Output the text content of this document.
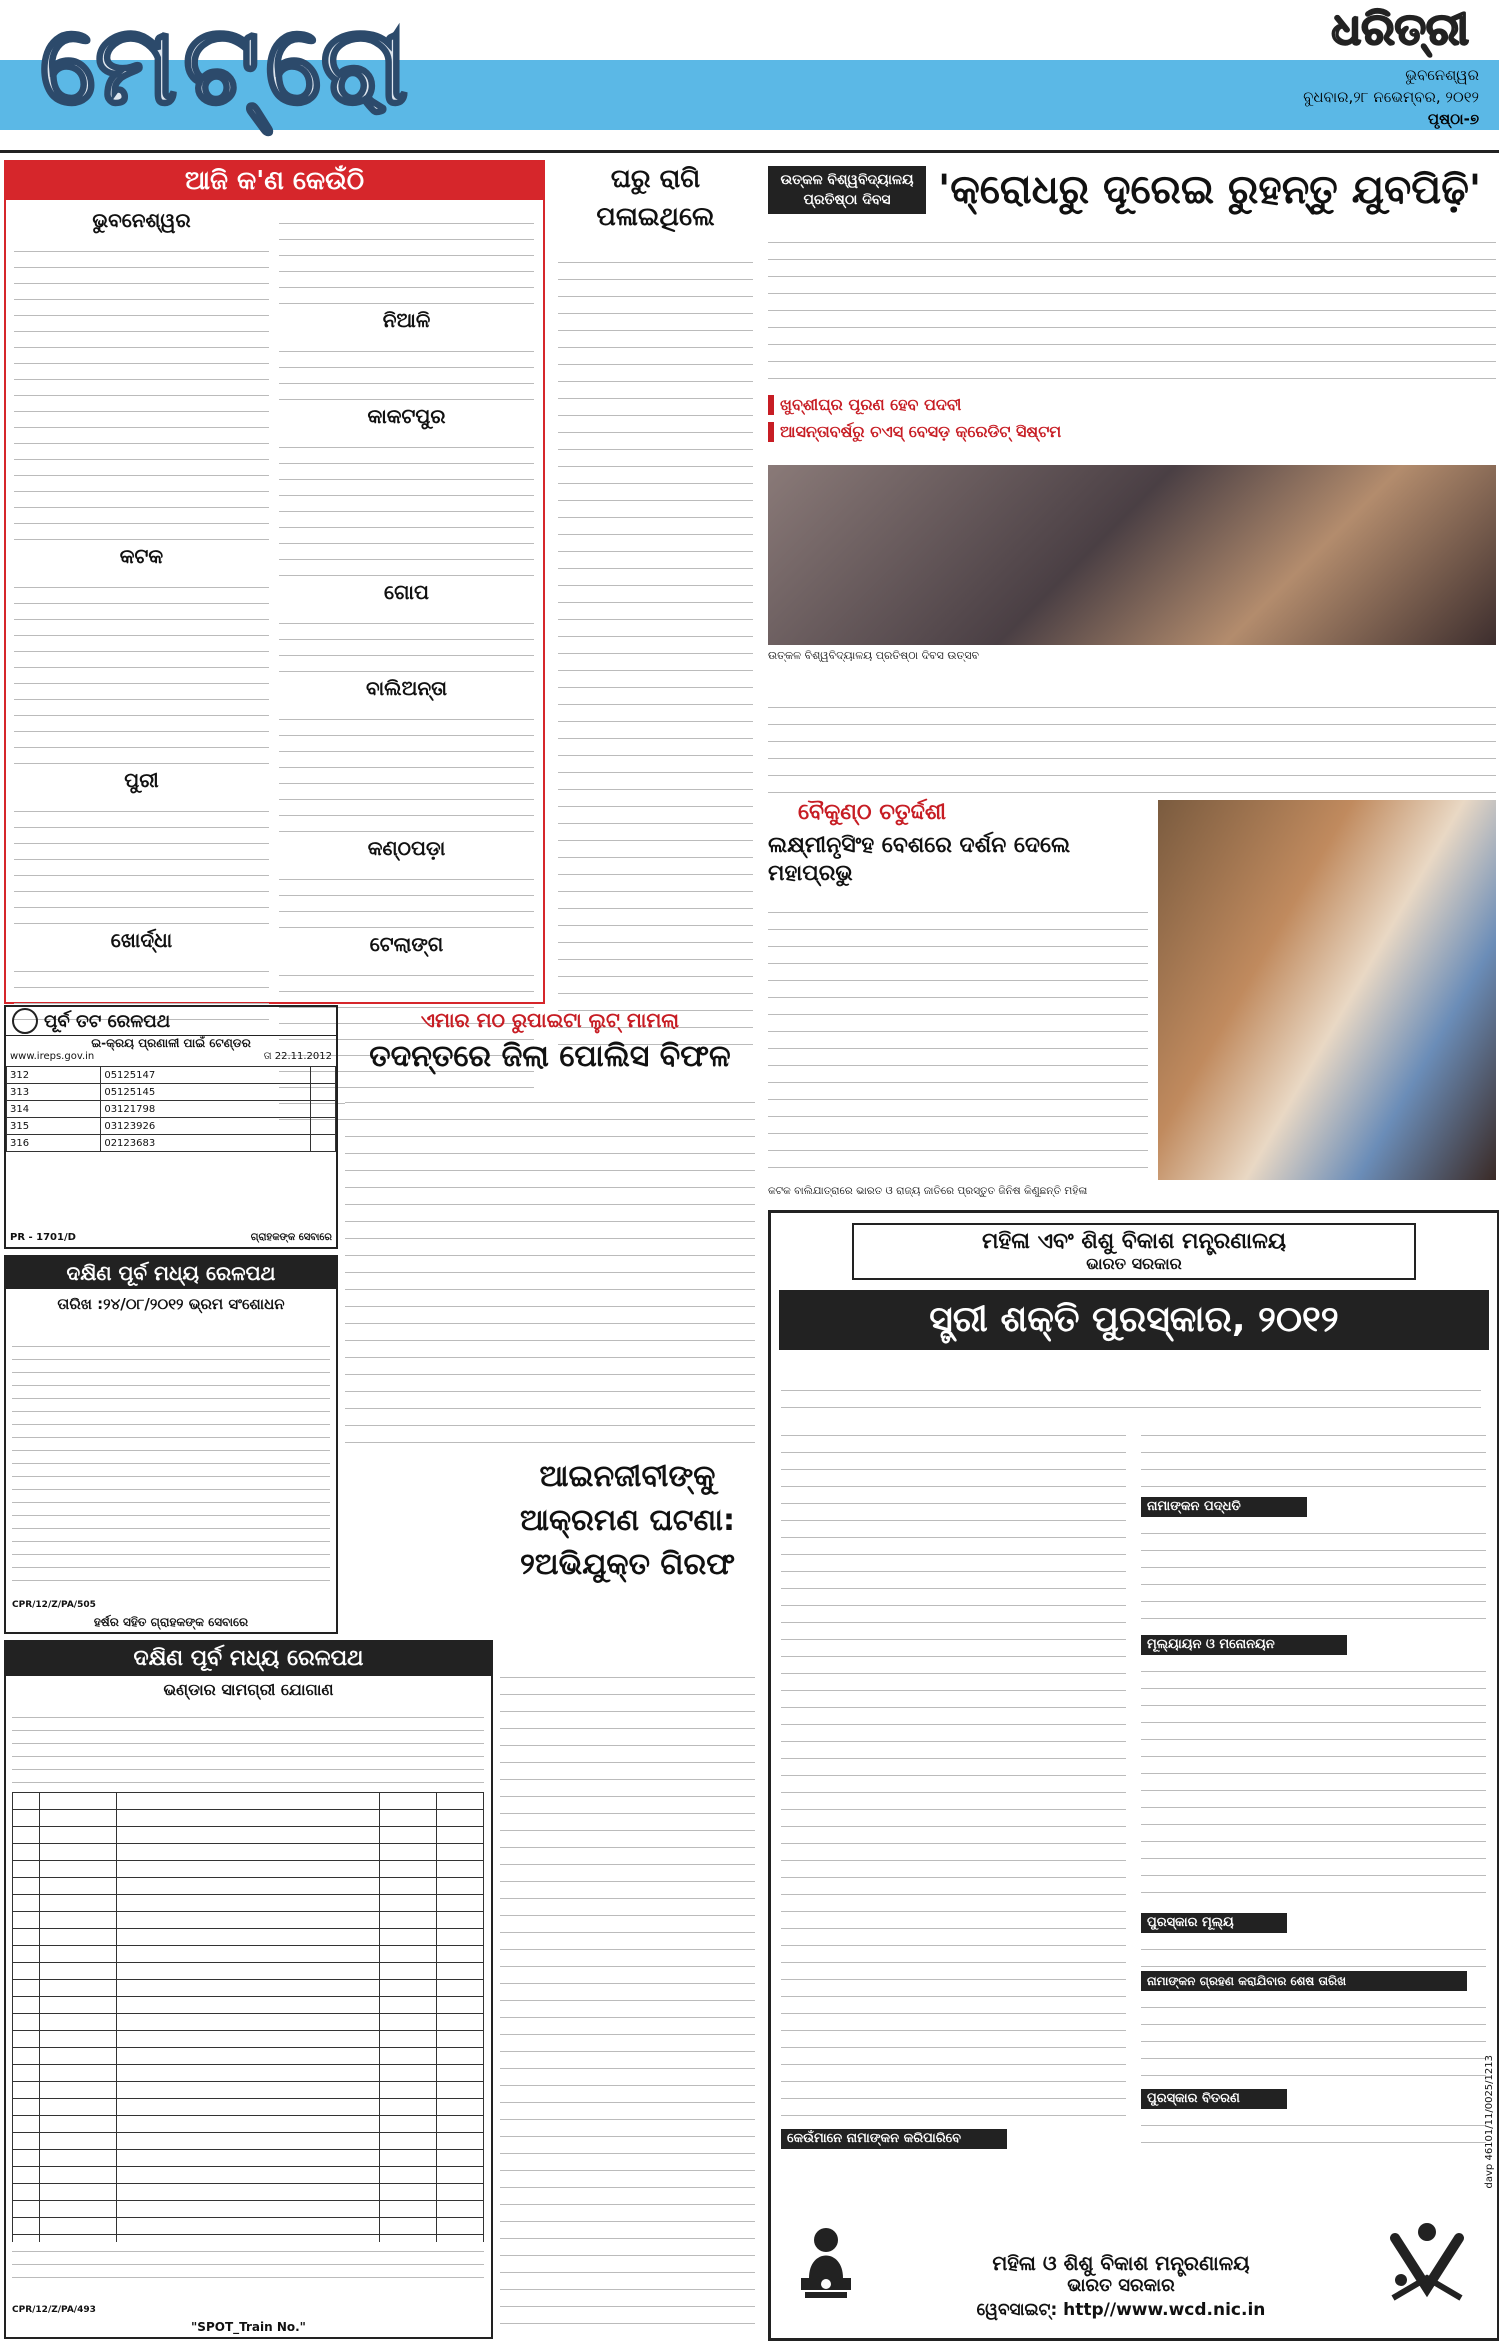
ମେଟ୍ରୋ	ଧରିତ୍ରୀ
ଭୁବନେଶ୍ୱର
ବୁଧବାର,୨୮ ନଭେମ୍ବର, ୨୦୧୨
ପୃଷ୍ଠା-୭
ଆଜି କ'ଣ କେଉଁଠି
ଭୁବନେଶ୍ୱର
କଟକ
ପୁରୀ
ଖୋର୍ଦ୍ଧା
ନିଆଳି
କାକଟପୁର
ଗୋପ
ବାଲିଅନ୍ତା
କଣ୍ଠପଡ଼ା
ଟେଲାଙ୍ଗ
ଘରୁ ରାଗି ପଳାଇଥିଲେ
ଉତ୍କଳ ବିଶ୍ୱବିଦ୍ୟାଳୟ ପ୍ରତିଷ୍ଠା ଦିବସ	'କ୍ରୋଧରୁ ଦୂରେଇ ରୁହନ୍ତୁ ଯୁବପିଢ଼ି'
ଖୁବ୍‌ଶୀଘ୍ର ପୂରଣ ହେବ ପଦବୀ
ଆସନ୍ତାବର୍ଷରୁ ଚଏସ୍ ବେସଡ଼ କ୍ରେଡିଟ୍ ସିଷ୍ଟମ
ଉତ୍କଳ ବିଶ୍ୱବିଦ୍ୟାଳୟ ପ୍ରତିଷ୍ଠା ଦିବସ ଉତ୍ସବ
ବୈକୁଣ୍ଠ ଚତୁର୍ଦ୍ଦଶୀ
ଲକ୍ଷ୍ମୀନୃସିଂହ ବେଶରେ ଦର୍ଶନ ଦେଲେ ମହାପ୍ରଭୁ
କଟକ ବାଲିଯାତ୍ରାରେ ଭାରତ ଓ ରାଜ୍ୟ ଜାତିରେ ପ୍ରସ୍ତୁତ ଜିନିଷ କିଣୁଛନ୍ତି ମହିଳା
ପୂର୍ବ ତଟ ରେଳପଥ
ଇ-କ୍ରୟ ପ୍ରଣାଳୀ ପାଇଁ ଟେଣ୍ଡର
www.ireps.gov.in	ତା 22.11.2012
312	05125147	
313	05125145	
314	03121798	
315	03123926	
316	02123683	
PR - 1701/D	ଗ୍ରାହକଙ୍କ ସେବାରେ
ଏମାର ମଠ ରୁପାଇଟା ଲୁଟ୍ ମାମଲା
ତଦନ୍ତରେ ଜିଲା ପୋଲିସ ବିଫଳ
ଦକ୍ଷିଣ ପୂର୍ବ ମଧ୍ୟ ରେଳପଥ
ତାରିଖ :୨୪/୦୮/୨୦୧୨ ଭ୍ରମ ସଂଶୋଧନ
CPR/12/Z/PA/505
ହର୍ଷର ସହିତ ଗ୍ରାହକଙ୍କ ସେବାରେ
ଆଇନଜୀବୀଙ୍କୁ ଆକ୍ରମଣ ଘଟଣା: ୨ଅଭିଯୁକ୍ତ ଗିରଫ
ଦକ୍ଷିଣ ପୂର୍ବ ମଧ୍ୟ ରେଳପଥ
ଭଣ୍ଡାର ସାମଗ୍ରୀ ଯୋଗାଣ

CPR/12/Z/PA/493
"SPOT_Train No."
ମହିଳା ଏବଂ ଶିଶୁ ବିକାଶ ମନ୍ତ୍ରଣାଳୟ
ଭାରତ ସରକାର
ସ୍ତ୍ରୀ ଶକ୍ତି ପୁରସ୍କାର, ୨୦୧୨
କେଉଁମାନେ ନାମାଙ୍କନ କରିପାରିବେ
ନାମାଙ୍କନ ପଦ୍ଧତି
ମୂଲ୍ୟାୟନ ଓ ମନୋନୟନ
ପୁରସ୍କାର ମୂଲ୍ୟ
ନାମାଙ୍କନ ଗ୍ରହଣ କରାଯିବାର ଶେଷ ତାରିଖ
ପୁରସ୍କାର ବିତରଣ
ମହିଳା ଓ ଶିଶୁ ବିକାଶ ମନ୍ତ୍ରଣାଳୟ
ଭାରତ ସରକାର
ୱେବସାଇଟ୍: http//www.wcd.nic.in
davp 46101/11/0025/1213
